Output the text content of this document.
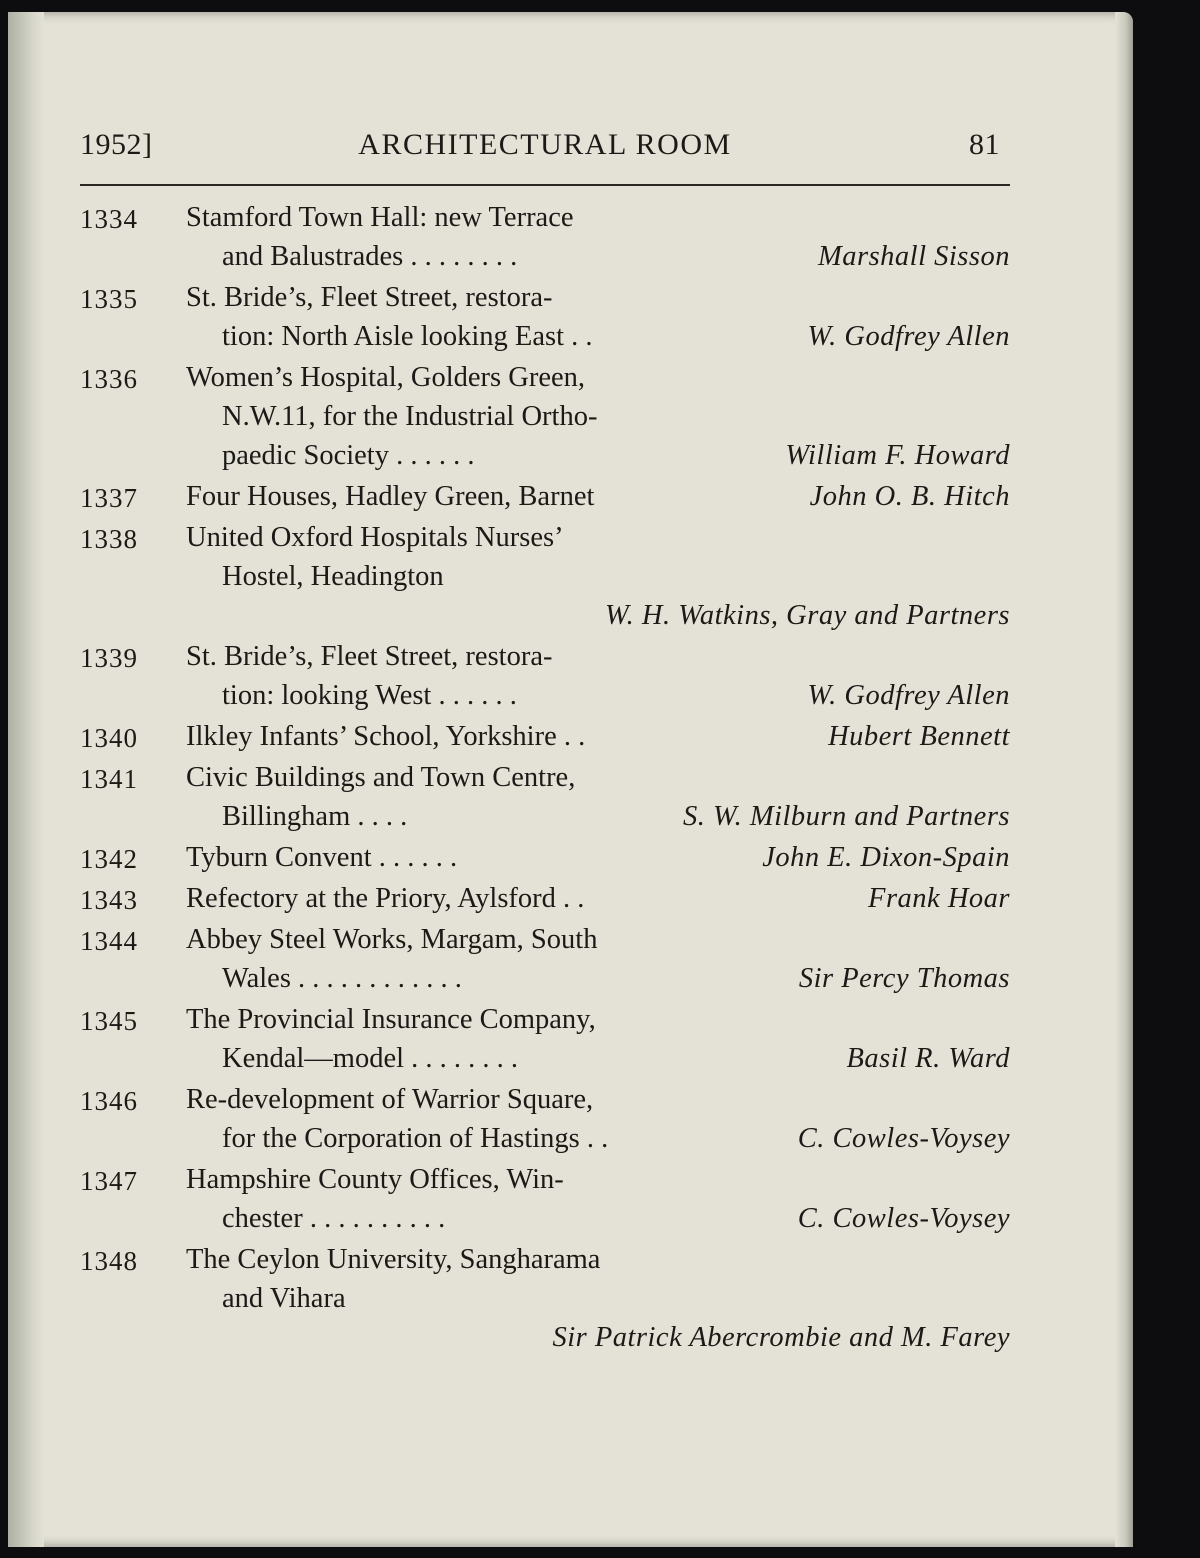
1952]	ARCHITECTURAL ROOM	81
1334	Stamford Town Hall: new Terrace
and Balustrades . . . . . . . .	Marshall Sisson
1335	St. Bride’s, Fleet Street, restora-
tion: North Aisle looking East . .	W. Godfrey Allen
1336	Women’s Hospital, Golders Green,
N.W.11, for the Industrial Ortho-
paedic Society . . . . . .	William F. Howard
1337	Four Houses, Hadley Green, Barnet	John O. B. Hitch
1338	United Oxford Hospitals Nurses’
Hostel, Headington
W. H. Watkins, Gray and Partners
1339	St. Bride’s, Fleet Street, restora-
tion: looking West . . . . . .	W. Godfrey Allen
1340	Ilkley Infants’ School, Yorkshire . .	Hubert Bennett
1341	Civic Buildings and Town Centre,
Billingham . . . .	S. W. Milburn and Partners
1342	Tyburn Convent . . . . . .	John E. Dixon-Spain
1343	Refectory at the Priory, Aylsford . .	Frank Hoar
1344	Abbey Steel Works, Margam, South
Wales . . . . . . . . . . . .	Sir Percy Thomas
1345	The Provincial Insurance Company,
Kendal—model . . . . . . . .	Basil R. Ward
1346	Re-development of Warrior Square,
for the Corporation of Hastings . .	C. Cowles-Voysey
1347	Hampshire County Offices, Win-
chester . . . . . . . . . .	C. Cowles-Voysey
1348	The Ceylon University, Sangharama
and Vihara
Sir Patrick Abercrombie and M. Farey
